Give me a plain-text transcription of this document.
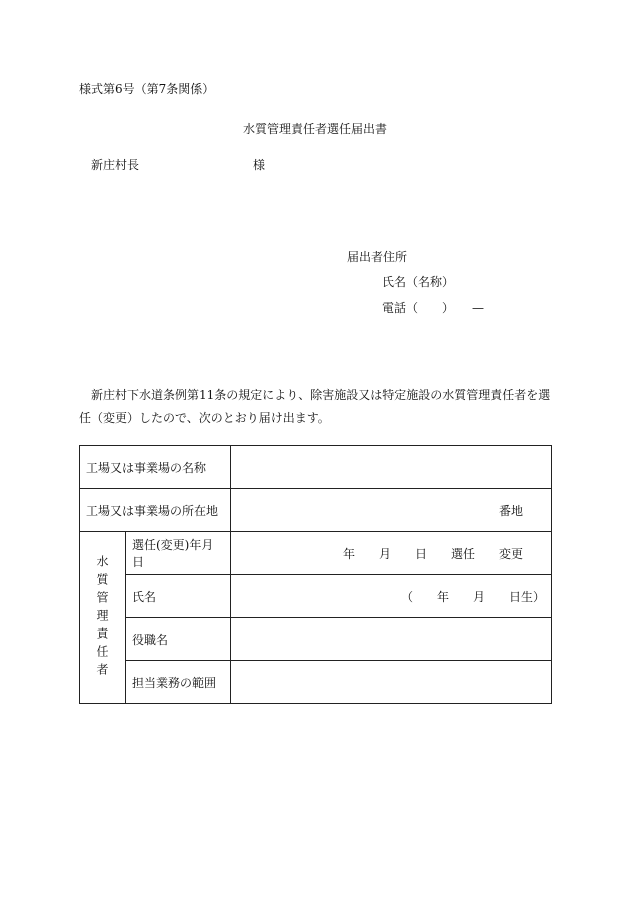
様式第6号（第7条関係）
水質管理責任者選任届出書
新庄村長	様
届出者住所
氏名（名称）
電話（　　）　　—
新庄村下水道条例第11条の規定により、除害施設又は特定施設の水質管理責任者を選任（変更）したので、次のとおり届け出ます。
工場又は事業場の名称		
工場又は事業場の所在地		番地
水質管理責任者	選任(変更)年月日	年　　月　　日　　選任　　変更
	氏名	（　　年　　月　　日生）
	役職名	
	担当業務の範囲	
